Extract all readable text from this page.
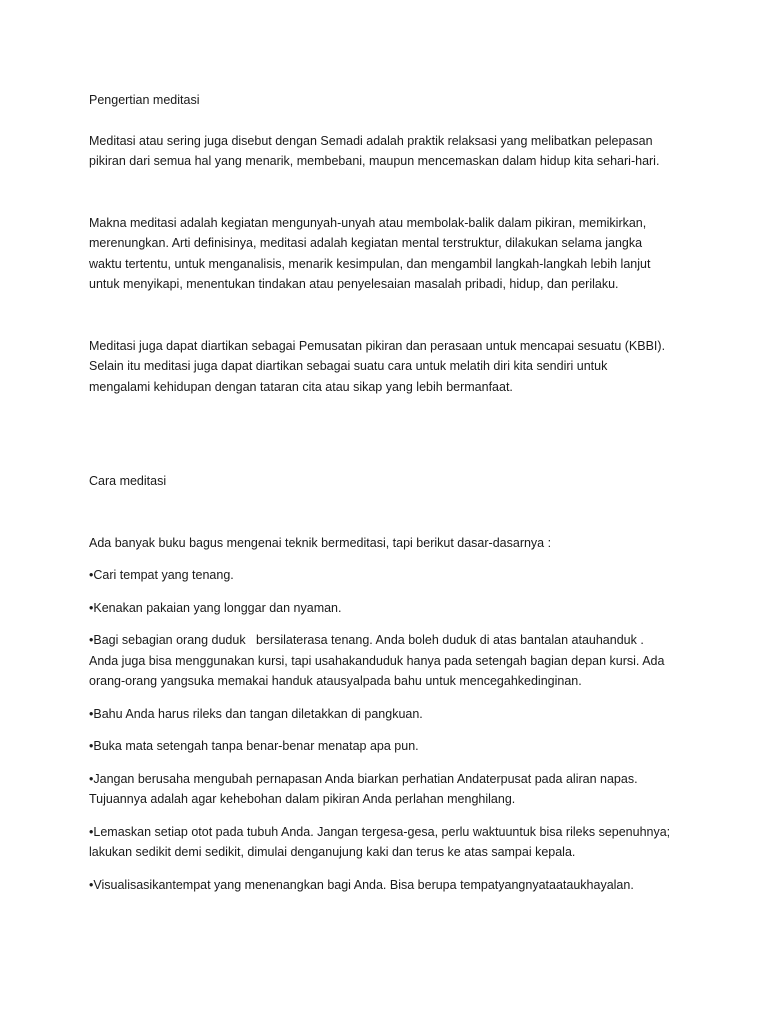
Pengertian meditasi
Meditasi atau sering juga disebut dengan Semadi adalah praktik relaksasi yang melibatkan pelepasan
pikiran dari semua hal yang menarik, membebani, maupun mencemaskan dalam hidup kita sehari-hari.
Makna meditasi adalah kegiatan mengunyah-unyah atau membolak-balik dalam pikiran, memikirkan,
merenungkan. Arti definisinya, meditasi adalah kegiatan mental terstruktur, dilakukan selama jangka
waktu tertentu, untuk menganalisis, menarik kesimpulan, dan mengambil langkah-langkah lebih lanjut
untuk menyikapi, menentukan tindakan atau penyelesaian masalah pribadi, hidup, dan perilaku.
Meditasi juga dapat diartikan sebagai Pemusatan pikiran dan perasaan untuk mencapai sesuatu (KBBI).
Selain itu meditasi juga dapat diartikan sebagai suatu cara untuk melatih diri kita sendiri untuk
mengalami kehidupan dengan tataran cita atau sikap yang lebih bermanfaat.
Cara meditasi
Ada banyak buku bagus mengenai teknik bermeditasi, tapi berikut dasar-dasarnya :
•Cari tempat yang tenang.
•Kenakan pakaian yang longgar dan nyaman.
•Bagi sebagian orang duduk   bersilaterasa tenang. Anda boleh duduk di atas bantalan atauhanduk .
Anda juga bisa menggunakan kursi, tapi usahakanduduk hanya pada setengah bagian depan kursi. Ada
orang-orang yangsuka memakai handuk atausyalpada bahu untuk mencegahkedinginan.
•Bahu Anda harus rileks dan tangan diletakkan di pangkuan.
•Buka mata setengah tanpa benar-benar menatap apa pun.
•Jangan berusaha mengubah pernapasan Anda biarkan perhatian Andaterpusat pada aliran napas.
Tujuannya adalah agar kehebohan dalam pikiran Anda perlahan menghilang.
•Lemaskan setiap otot pada tubuh Anda. Jangan tergesa-gesa, perlu waktuuntuk bisa rileks sepenuhnya;
lakukan sedikit demi sedikit, dimulai denganujung kaki dan terus ke atas sampai kepala.
•Visualisasikantempat yang menenangkan bagi Anda. Bisa berupa tempatyangnyataataukhayalan.
